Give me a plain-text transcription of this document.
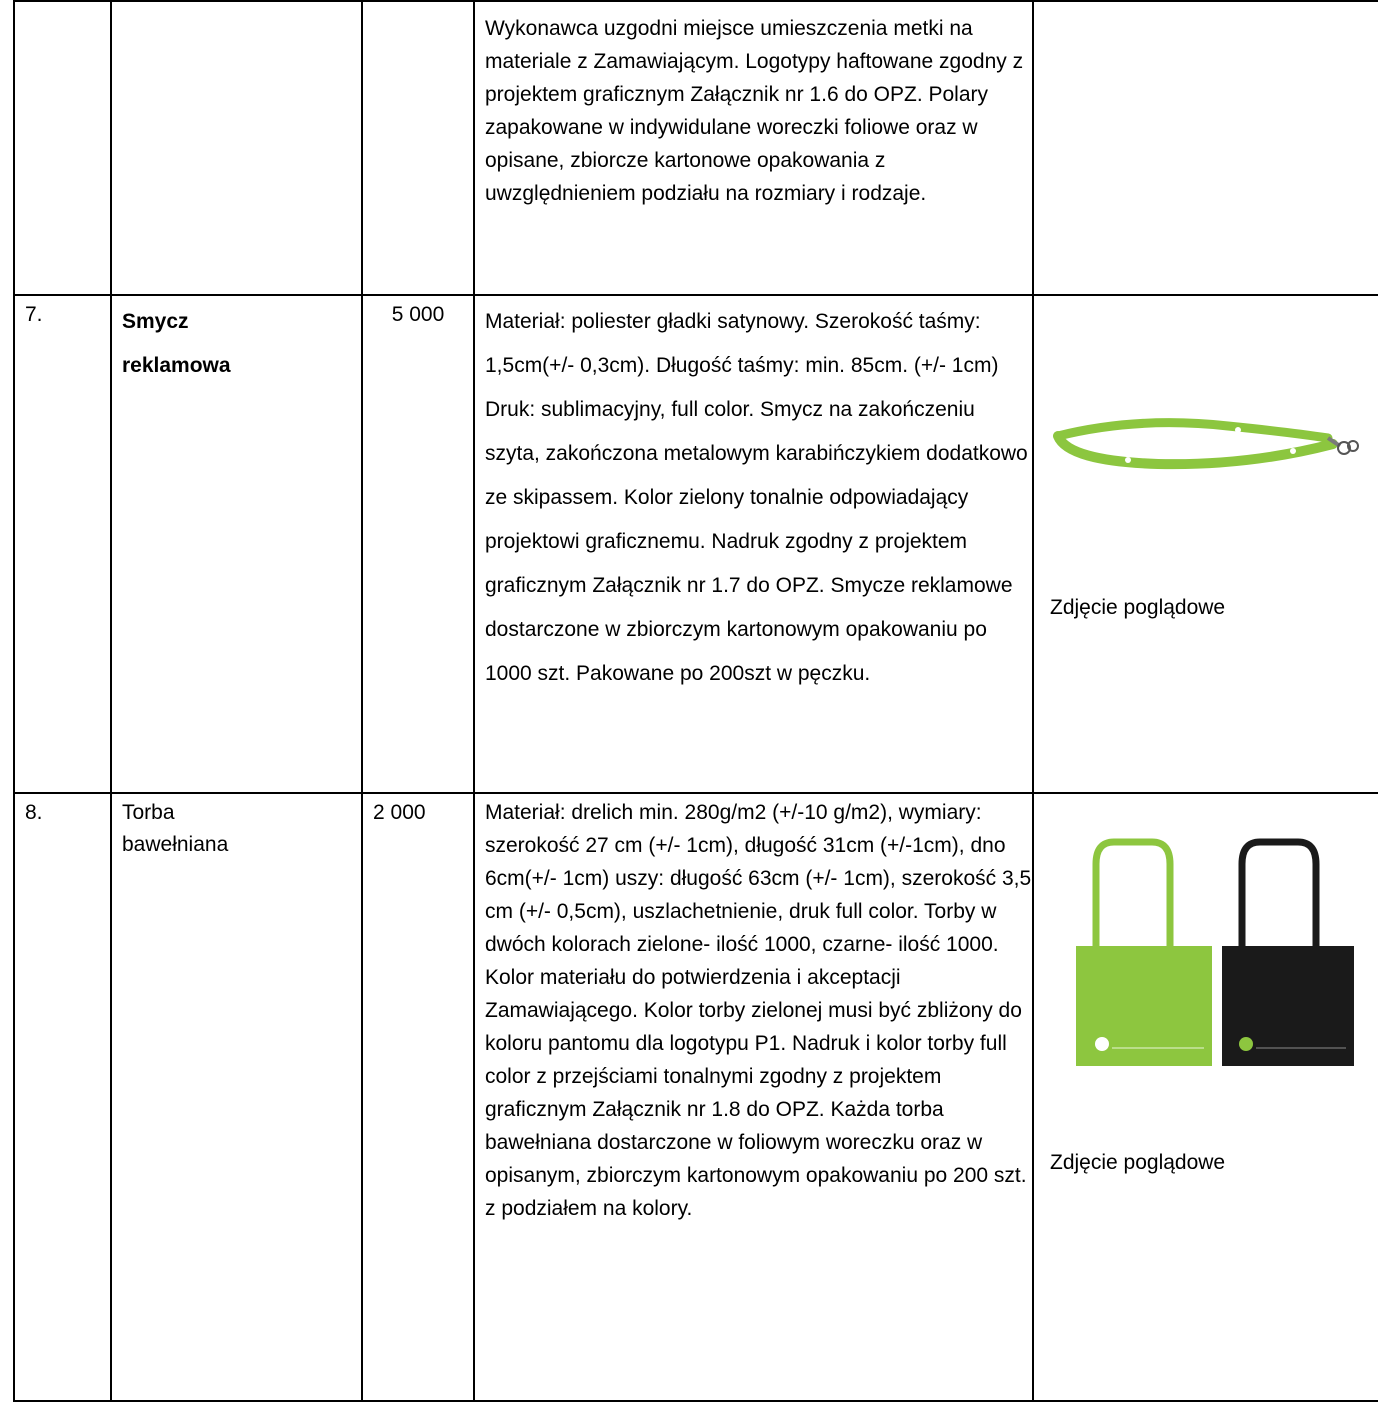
			Wykonawca uzgodni miejsce umieszczenia metki na materiale z Zamawiającym. Logotypy haftowane zgodny z projektem graficznym Załącznik nr 1.6 do OPZ. Polary zapakowane w indywidulane woreczki foliowe oraz w opisane, zbiorcze kartonowe opakowania z uwzględnieniem podziału na rozmiary i rodzaje.	
7.	Smycz reklamowa	5 000	Materiał: poliester gładki satynowy. Szerokość taśmy: 1,5cm(+/- 0,3cm). Długość taśmy: min. 85cm. (+/- 1cm) Druk: sublimacyjny, full color. Smycz na zakończeniu szyta, zakończona metalowym karabińczykiem dodatkowo ze skipassem. Kolor zielony tonalnie odpowiadający projektowi graficznemu. Nadruk zgodny z projektem graficznym Załącznik nr 1.7 do OPZ. Smycze reklamowe dostarczone w zbiorczym kartonowym opakowaniu po 1000 szt. Pakowane po 200szt w pęczku.	Zdjęcie poglądowe

8.	Torba bawełniana	2 000	Materiał: drelich min. 280g/m2 (+/-10 g/m2), wymiary: szerokość 27 cm (+/- 1cm), długość 31cm (+/-1cm), dno 6cm(+/- 1cm) uszy: długość 63cm (+/- 1cm), szerokość 3,5 cm (+/- 0,5cm), uszlachetnienie, druk full color. Torby w dwóch kolorach zielone- ilość 1000, czarne- ilość 1000. Kolor materiału do potwierdzenia i akceptacji Zamawiającego. Kolor torby zielonej musi być zbliżony do koloru pantomu dla logotypu P1. Nadruk i kolor torby full color z przejściami tonalnymi zgodny z projektem graficznym Załącznik nr 1.8 do OPZ. Każda torba bawełniana dostarczone w foliowym woreczku oraz w opisanym, zbiorczym kartonowym opakowaniu po 200 szt. z podziałem na kolory.	Zdjęcie poglądowe
